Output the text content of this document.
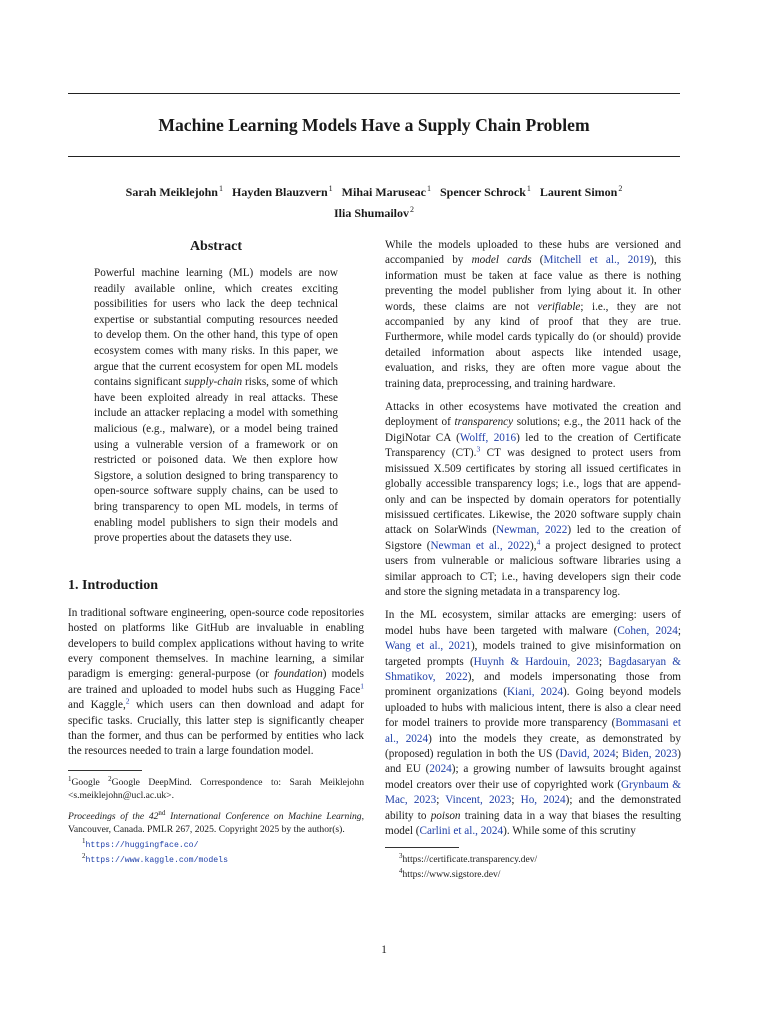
Machine Learning Models Have a Supply Chain Problem
Sarah Meiklejohn$^1$ Hayden Blauzvern$^1$ Mihai Maruseac$^1$ Spencer Schrock$^1$ Laurent Simon$^2$ Ilia Shumailov$^2$
Abstract
Powerful machine learning (ML) models are now readily available online, which creates exciting possibilities for users who lack the deep technical expertise or substantial computing resources needed to develop them. On the other hand, this type of open ecosystem comes with many risks. In this paper, we argue that the current ecosystem for open ML models contains significant supply-chain risks, some of which have been exploited already in real attacks. These include an attacker replacing a model with something malicious (e.g., malware), or a model being trained using a vulnerable version of a framework or on restricted or poisoned data. We then explore how Sigstore, a solution designed to bring transparency to open-source software supply chains, can be used to bring transparency to open ML models, in terms of enabling model publishers to sign their models and prove properties about the datasets they use.
1. Introduction

In traditional software engineering, open-source code repositories hosted on platforms like GitHub are invaluable in enabling developers to build complex applications without having to write every component themselves. In machine learning, a similar paradigm is emerging: general-purpose (or foundation) models are trained and uploaded to model hubs such as Hugging Face$^1$ and Kaggle,$^2$ which users can then download and adapt for specific tasks. Crucially, this latter step is significantly cheaper than the former, and thus can be performed by entities who lack the resources needed to train a large foundation model.

$^1$Google $^2$Google DeepMind. Correspondence to: Sarah Meiklejohn <s.meiklejohn@ucl.ac.uk>.
Proceedings of the 42nd International Conference on Machine Learning, Vancouver, Canada. PMLR 267, 2025. Copyright 2025 by the author(s).
$^1$https://huggingface.co/
$^2$https://www.kaggle.com/models

While the models uploaded to these hubs are versioned and accompanied by model cards (Mitchell et al., 2019), this information must be taken at face value as there is nothing preventing the model publisher from lying about it. In other words, these claims are not verifiable; i.e., they are not accompanied by any kind of proof that they are true. Furthermore, while model cards typically do (or should) provide detailed information about aspects like intended usage, evaluation, and risks, they are often more vague about the training data, preprocessing, and training hardware.

Attacks in other ecosystems have motivated the creation and deployment of transparency solutions; e.g., the 2011 hack of the DigiNotar CA (Wolff, 2016) led to the creation of Certificate Transparency (CT).$^3$ CT was designed to protect users from misissued X.509 certificates by storing all issued certificates in globally accessible transparency logs; i.e., logs that are append-only and can be inspected by domain operators for potentially misissued certificates. Likewise, the 2020 software supply chain attack on SolarWinds (Newman, 2022) led to the creation of Sigstore (Newman et al., 2022),$^4$ a project designed to protect users from vulnerable or malicious software libraries using a similar approach to CT; i.e., having developers sign their code and store the signing metadata in a transparency log.

In the ML ecosystem, similar attacks are emerging: users of model hubs have been targeted with malware (Cohen, 2024; Wang et al., 2021), models trained to give misinformation on targeted prompts (Huynh & Hardouin, 2023; Bagdasaryan & Shmatikov, 2022), and models impersonating those from prominent organizations (Kiani, 2024). Going beyond models uploaded to hubs with malicious intent, there is also a clear need for model trainers to provide more transparency (Bommasani et al., 2024) into the models they create, as demonstrated by (proposed) regulation in both the US (David, 2024; Biden, 2023) and EU (2024); a growing number of lawsuits brought against model creators over their use of copyrighted work (Grynbaum & Mac, 2023; Vincent, 2023; Ho, 2024); and the demonstrated ability to poison training data in a way that biases the resulting model (Carlini et al., 2024). While some of this scrutiny

$^3$https://certificate.transparency.dev/
$^4$https://www.sigstore.dev/
1
